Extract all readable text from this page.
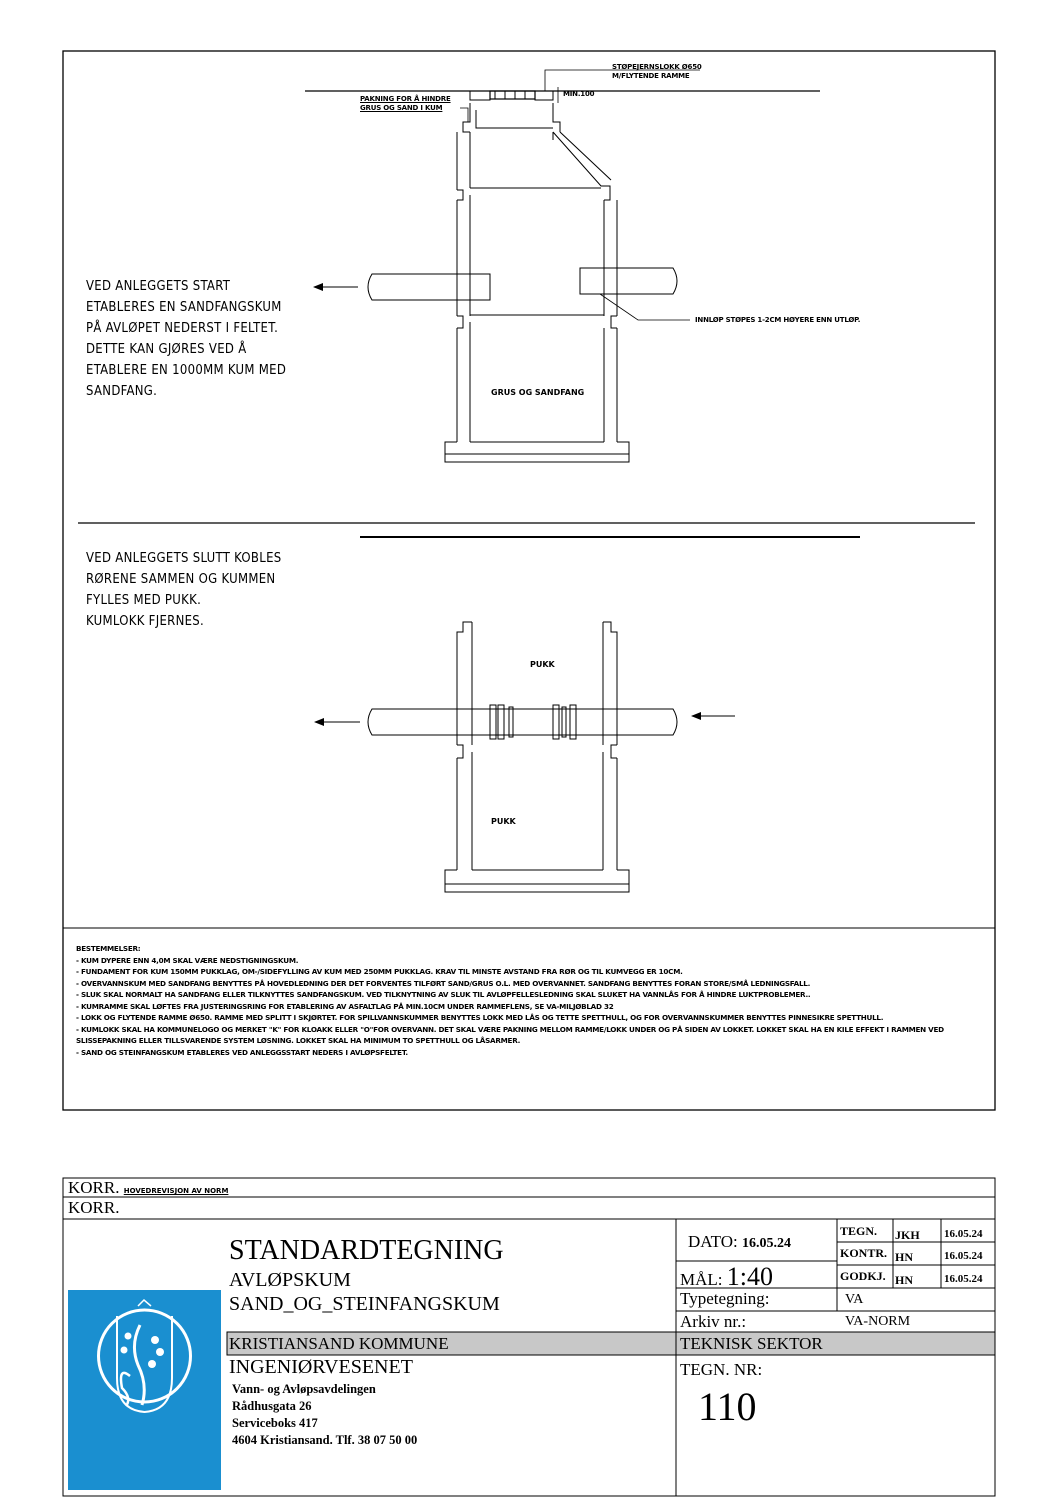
VED ANLEGGETS START
ETABLERES EN SANDFANGSKUM
PÅ AVLØPET NEDERST I FELTET.
DETTE KAN GJØRES VED Å
ETABLERE EN 1000MM KUM MED
SANDFANG.
VED ANLEGGETS SLUTT KOBLES
RØRENE SAMMEN OG KUMMEN
FYLLES MED PUKK.
KUMLOKK FJERNES.
STØPEJERNSLOKK Ø650
M/FLYTENDE RAMME
MIN.100
PAKNING FOR Å HINDRE
GRUS OG SAND I KUM
INNLØP STØPES 1-2CM HØYERE ENN UTLØP.
GRUS OG SANDFANG
PUKK
PUKK
BESTEMMELSER:
- KUM DYPERE ENN 4,0M SKAL VÆRE NEDSTIGNINGSKUM.
- FUNDAMENT FOR KUM 150MM PUKKLAG, OM-/SIDEFYLLING AV KUM MED 250MM PUKKLAG. KRAV TIL MINSTE AVSTAND FRA RØR OG TIL KUMVEGG ER 10CM.
- OVERVANNSKUM MED SANDFANG BENYTTES PÅ HOVEDLEDNING DER DET FORVENTES TILFØRT SAND/GRUS O.L. MED OVERVANNET. SANDFANG BENYTTES FORAN STORE/SMÅ LEDNINGSFALL.
- SLUK SKAL NORMALT HA SANDFANG ELLER TILKNYTTES SANDFANGSKUM. VED TILKNYTNING AV SLUK TIL AVLØPFELLESLEDNING SKAL SLUKET HA VANNLÅS FOR Å HINDRE LUKTPROBLEMER..
- KUMRAMME SKAL LØFTES FRA JUSTERINGSRING FOR ETABLERING AV ASFALTLAG PÅ MIN.10CM UNDER RAMMEFLENS, SE VA-MILJØBLAD 32
- LOKK OG FLYTENDE RAMME Ø650. RAMME MED SPLITT I SKJØRTET. FOR SPILLVANNSKUMMER BENYTTES LOKK MED LÅS OG TETTE SPETTHULL, OG FOR OVERVANNSKUMMER BENYTTES PINNESIKRE SPETTHULL.
- KUMLOKK SKAL HA KOMMUNELOGO OG MERKET "K" FOR KLOAKK ELLER "O"FOR OVERVANN. DET SKAL VÆRE PAKNING MELLOM RAMME/LOKK UNDER OG PÅ SIDEN AV LOKKET. LOKKET SKAL HA EN KILE EFFEKT I RAMMEN VED
SLISSEPAKNING ELLER TILLSVARENDE SYSTEM LØSNING. LOKKET SKAL HA MINIMUM TO SPETTHULL OG LÅSARMER.
- SAND OG STEINFANGSKUM ETABLERES VED ANLEGGSSTART NEDERS I AVLØPSFELTET.
KORR. HOVEDREVISJON AV NORM
KORR.
STANDARDTEGNING
AVLØPSKUM
SAND_OG_STEINFANGSKUM
KRISTIANSAND KOMMUNE
INGENIØRVESENET
Vann- og Avløpsavdelingen
Rådhusgata 26
Serviceboks 417
4604 Kristiansand. Tlf. 38 07 50 00
DATO: 16.05.24
MÅL: 1:40
TEGN. JKH 16.05.24
KONTR. HN	16.05.24
GODKJ. HN	16.05.24
Typetegning:	VA
Arkiv nr.:	VA-NORM
TEKNISK SEKTOR
TEGN. NR:
110
